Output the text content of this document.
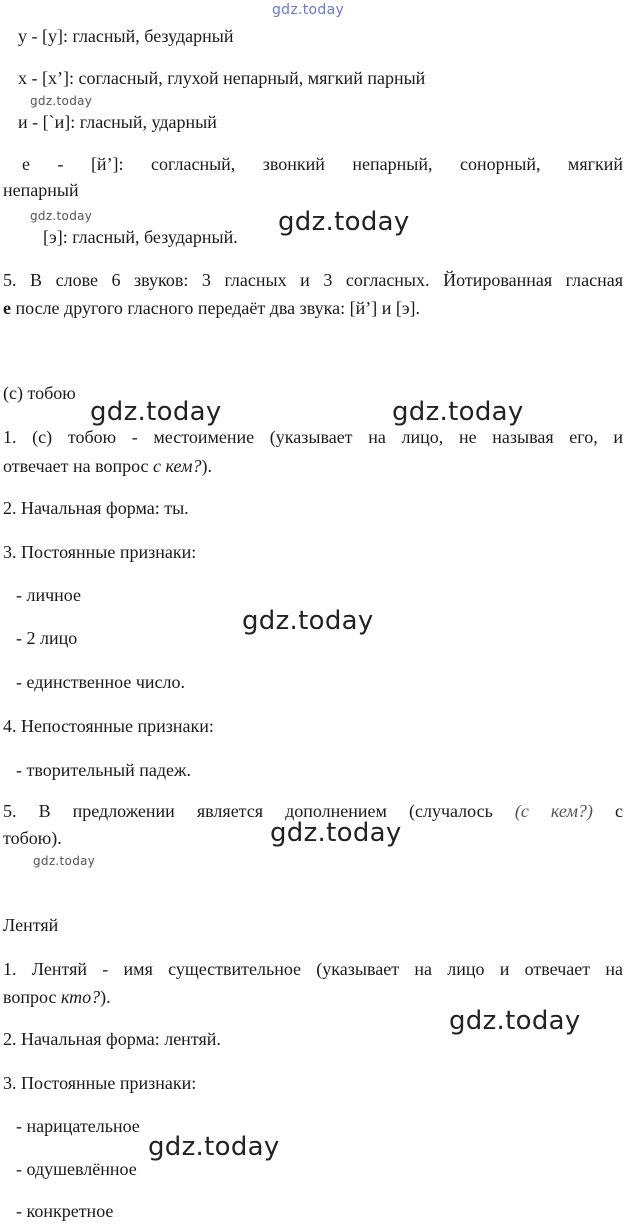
gdz.today
у - [у]: гласный, безударный
х - [х’]: согласный, глухой непарный, мягкий парный
gdz.today
и - [`и]: гласный, ударный
е - [й’]: согласный, звонкий непарный, сонорный, мягкий
непарный
gdz.today
[э]: гласный, безударный. gdz.today
5. В слове 6 звуков: 3 гласных и 3 согласных. Йотированная гласная
е после другого гласного передаёт два звука: [й’] и [э].
(с) тобою
gdz.today	gdz.today
1. (с) тобою - местоимение (указывает на лицо, не называя его, и
отвечает на вопрос с кем?).
2. Начальная форма: ты.
3. Постоянные признаки:
- личное
gdz.today
- 2 лицо
- единственное число.
4. Непостоянные признаки:
- творительный падеж.
5. В предложении является дополнением (случалось (с кем?) с
тобою).	gdz.today
gdz.today
Лентяй
1. Лентяй - имя существительное (указывает на лицо и отвечает на
вопрос кто?).
gdz.today
2. Начальная форма: лентяй.
3. Постоянные признаки:
- нарицательное
gdz.today
- одушевлённое
- конкретное
